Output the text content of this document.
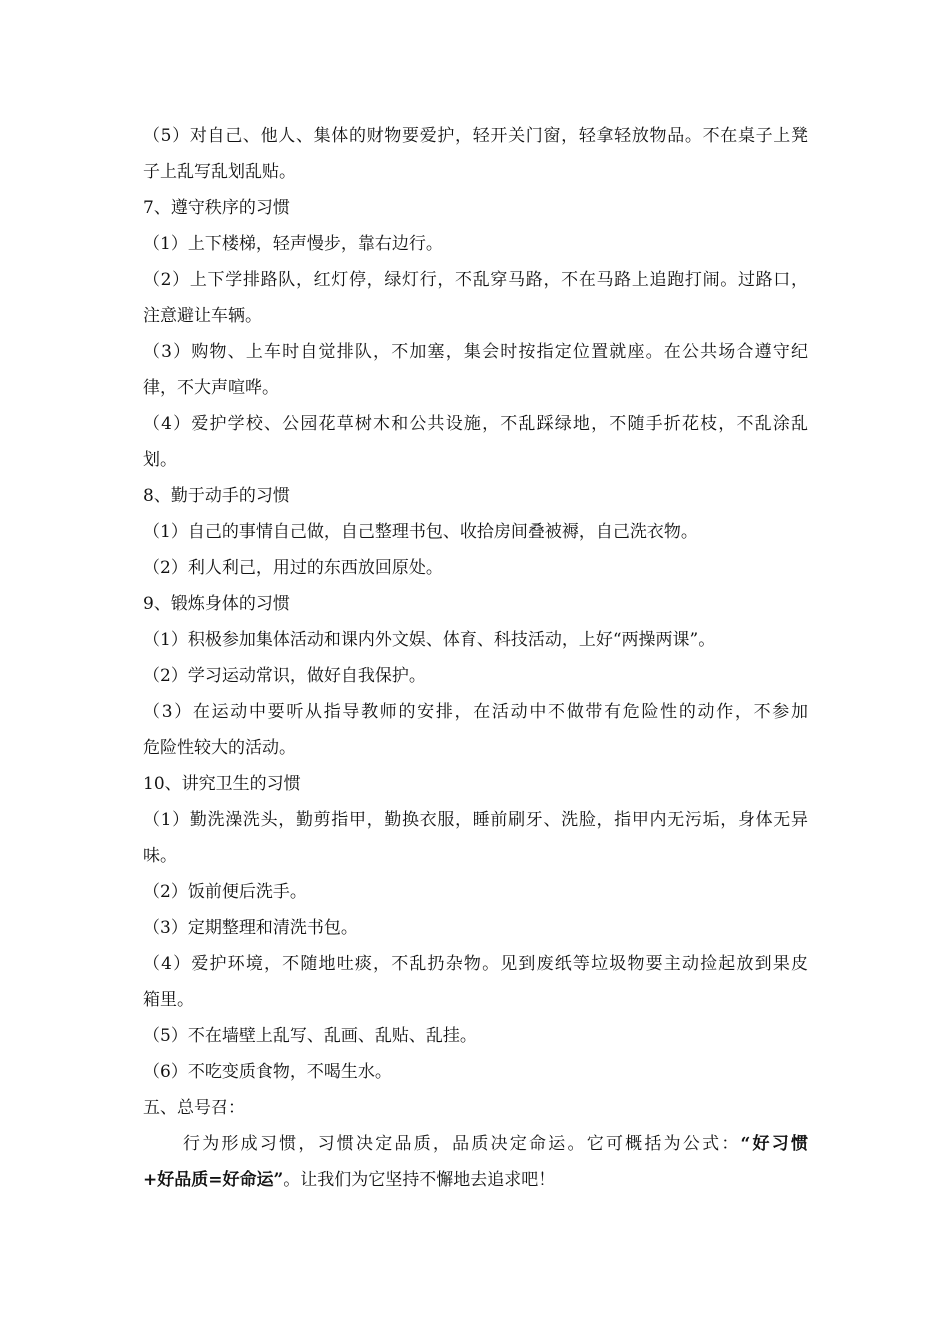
（5）对自己、他人、集体的财物要爱护，轻开关门窗，轻拿轻放物品。不在桌子上凳
子上乱写乱划乱贴。
7、遵守秩序的习惯
（1）上下楼梯，轻声慢步，靠右边行。
（2）上下学排路队，红灯停，绿灯行，不乱穿马路，不在马路上追跑打闹。过路口，
注意避让车辆。
（3）购物、上车时自觉排队，不加塞，集会时按指定位置就座。在公共场合遵守纪
律，不大声喧哗。
（4）爱护学校、公园花草树木和公共设施，不乱踩绿地，不随手折花枝，不乱涂乱
划。
8、勤于动手的习惯
（1）自己的事情自己做，自己整理书包、收拾房间叠被褥，自己洗衣物。
（2）利人利己，用过的东西放回原处。
9、锻炼身体的习惯
（1）积极参加集体活动和课内外文娱、体育、科技活动，上好“两操两课”。
（2）学习运动常识，做好自我保护。
（3）在运动中要听从指导教师的安排，在活动中不做带有危险性的动作，不参加
危险性较大的活动。
10、讲究卫生的习惯
（1）勤洗澡洗头，勤剪指甲，勤换衣服，睡前刷牙、洗脸，指甲内无污垢，身体无异
味。
（2）饭前便后洗手。
（3）定期整理和清洗书包。
（4）爱护环境，不随地吐痰，不乱扔杂物。见到废纸等垃圾物要主动捡起放到果皮
箱里。
（5）不在墙壁上乱写、乱画、乱贴、乱挂。
（6）不吃变质食物，不喝生水。
五、总号召：
行为形成习惯，习惯决定品质，品质决定命运。它可概括为公式：“好习惯
+好品质=好命运”。让我们为它坚持不懈地去追求吧！
